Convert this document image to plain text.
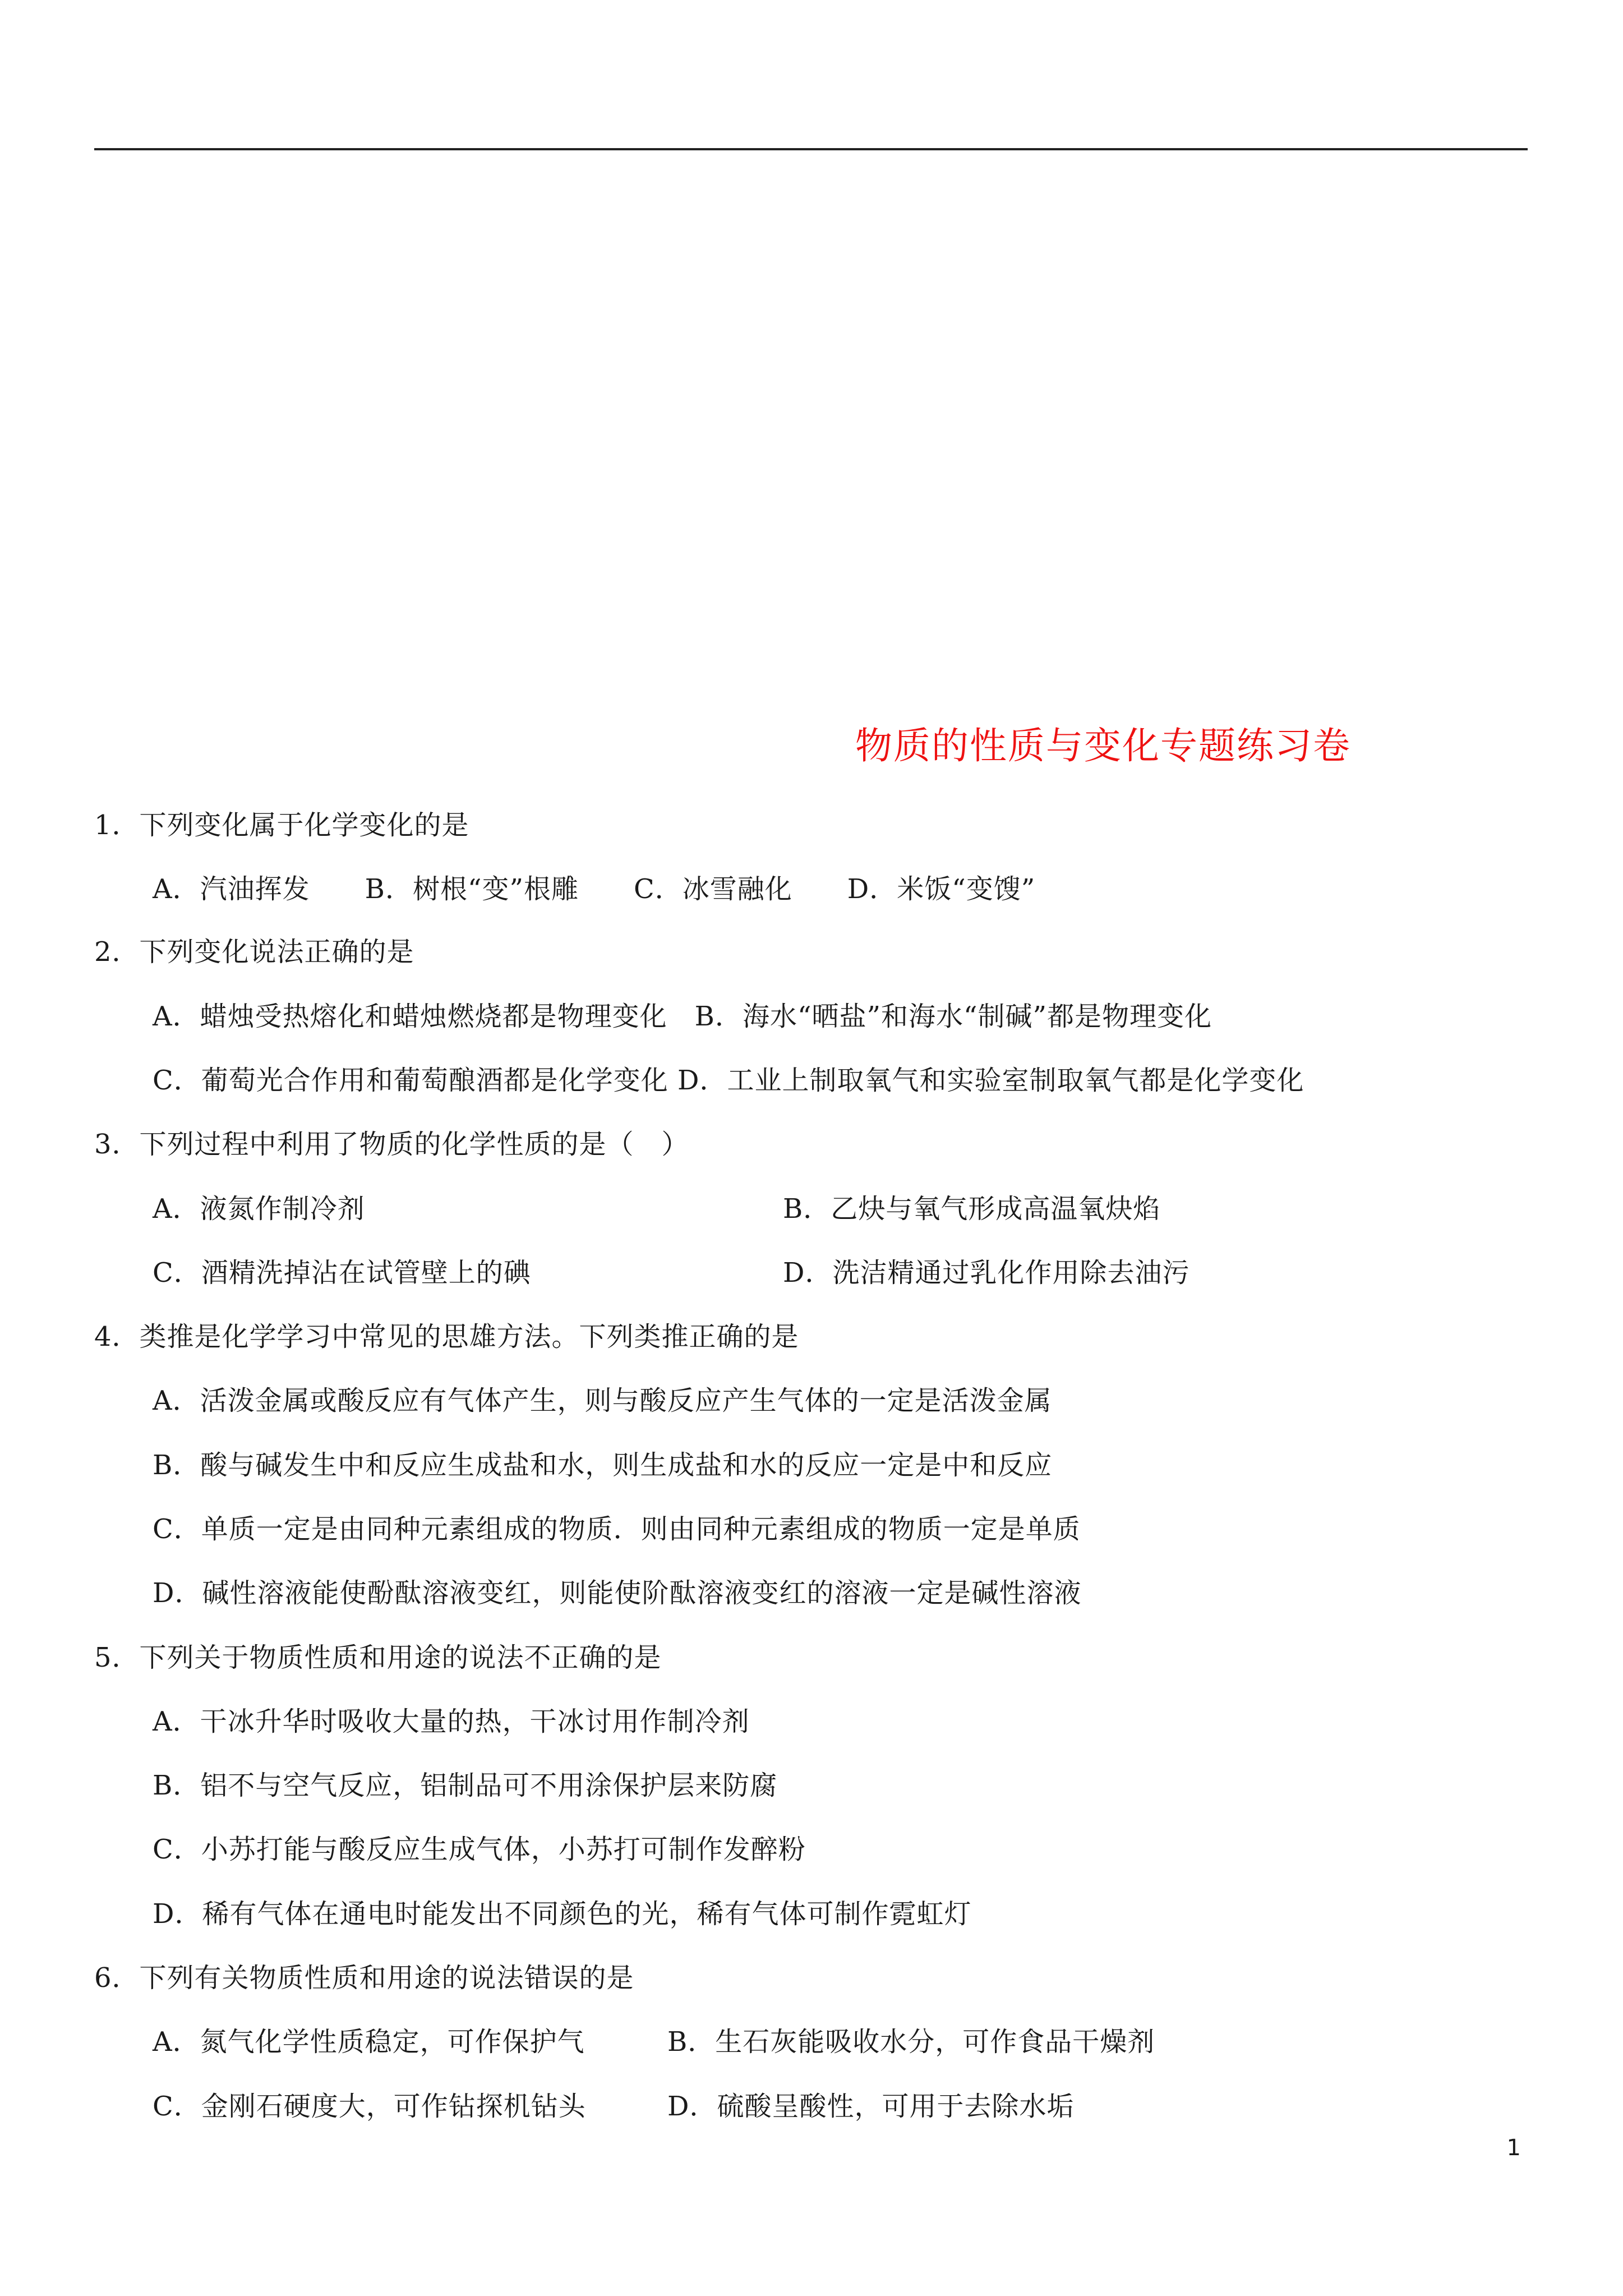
物质的性质与变化专题练习卷
1．下列变化属于化学变化的是
A．汽油挥发　　B．树根“变”根雕　　C．冰雪融化　　D．米饭“变馊”
2．下列变化说法正确的是
A．蜡烛受热熔化和蜡烛燃烧都是物理变化　B．海水“晒盐”和海水“制碱”都是物理变化
C．葡萄光合作用和葡萄酿酒都是化学变化 D．工业上制取氧气和实验室制取氧气都是化学变化
3．下列过程中利用了物质的化学性质的是（　）
A．液氮作制冷剂	B．乙炔与氧气形成高温氧炔焰
C．酒精洗掉沾在试管壁上的碘	D．洗洁精通过乳化作用除去油污
4．类推是化学学习中常见的思雄方法。下列类推正确的是
A．活泼金属或酸反应有气体产生，则与酸反应产生气体的一定是活泼金属
B．酸与碱发生中和反应生成盐和水，则生成盐和水的反应一定是中和反应
C．单质一定是由同种元素组成的物质．则由同种元素组成的物质一定是单质
D．碱性溶液能使酚酞溶液变红，则能使阶酞溶液变红的溶液一定是碱性溶液
5．下列关于物质性质和用途的说法不正确的是
A．干冰升华时吸收大量的热，干冰讨用作制冷剂
B．铝不与空气反应，铝制品可不用涂保护层来防腐
C．小苏打能与酸反应生成气体，小苏打可制作发醉粉
D．稀有气体在通电时能发出不同颜色的光，稀有气体可制作霓虹灯
6．下列有关物质性质和用途的说法错误的是
A．氮气化学性质稳定，可作保护气	B．生石灰能吸收水分，可作食品干燥剂
C．金刚石硬度大，可作钻探机钻头	D．硫酸呈酸性，可用于去除水垢
1
